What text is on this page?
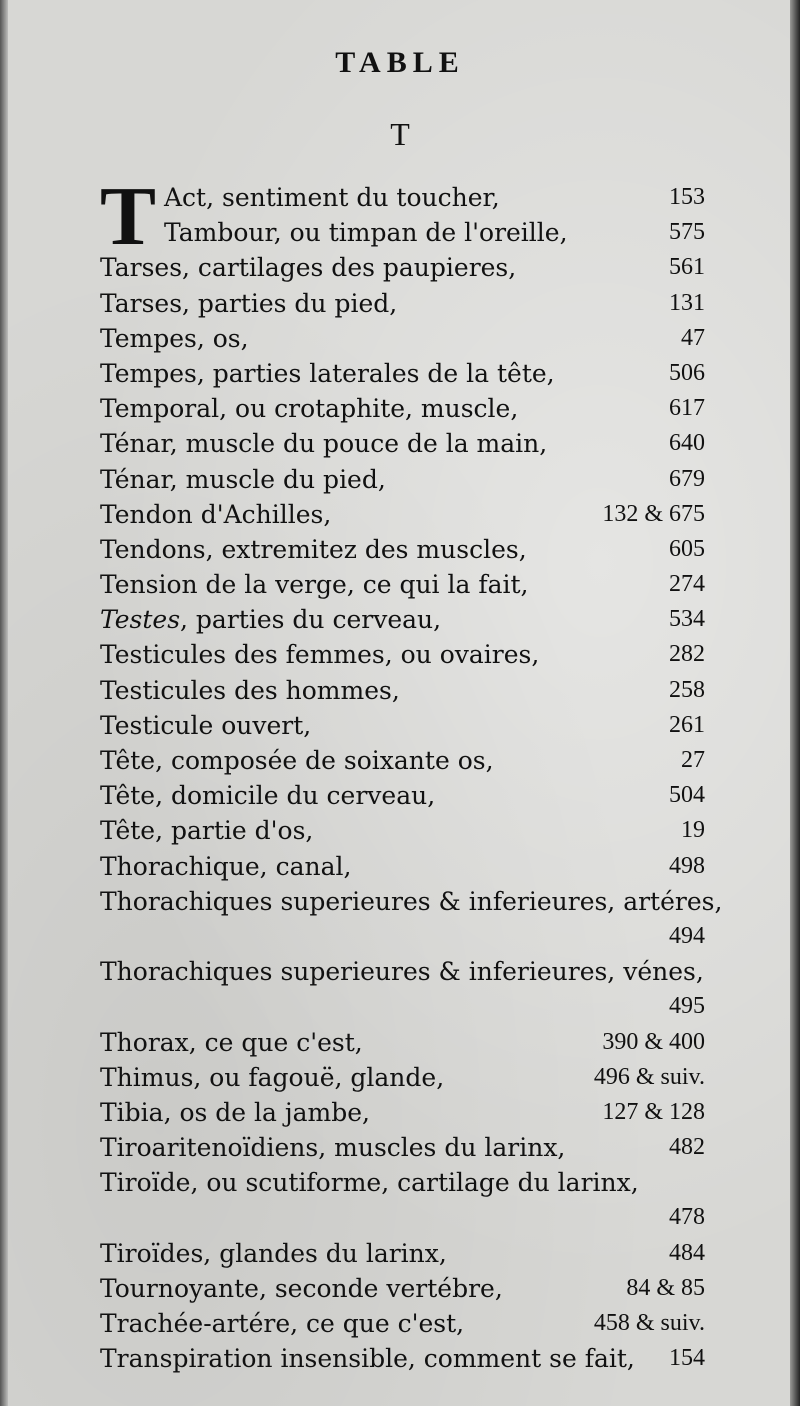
TABLE
T
T Act, sentiment du toucher,	153
Tambour, ou timpan de l'oreille,	575
Tarses, cartilages des paupieres,	561
Tarses, parties du pied,	131
Tempes, os,	47
Tempes, parties laterales de la tête,	506
Temporal, ou crotaphite, muscle,	617
Ténar, muscle du pouce de la main,	640
Ténar, muscle du pied,	679
Tendon d'Achilles,	132 & 675
Tendons, extremitez des muscles,	605
Tension de la verge, ce qui la fait,	274
Testes, parties du cerveau,	534
Testicules des femmes, ou ovaires,	282
Testicules des hommes,	258
Testicule ouvert,	261
Tête, composée de soixante os,	27
Tête, domicile du cerveau,	504
Tête, partie d'os,	19
Thorachique, canal,	498
Thorachiques superieures & inferieures, artéres,
494
Thorachiques superieures & inferieures, vénes,
495
Thorax, ce que c'est,	390 & 400
Thimus, ou fagouë, glande,	496 & suiv.
Tibia, os de la jambe,	127 & 128
Tiroaritenoïdiens, muscles du larinx,	482
Tiroïde, ou scutiforme, cartilage du larinx,
478
Tiroïdes, glandes du larinx,	484
Tournoyante, seconde vertébre,	84 & 85
Trachée-artére, ce que c'est,	458 & suiv.
Transpiration insensible, comment se fait, 154
